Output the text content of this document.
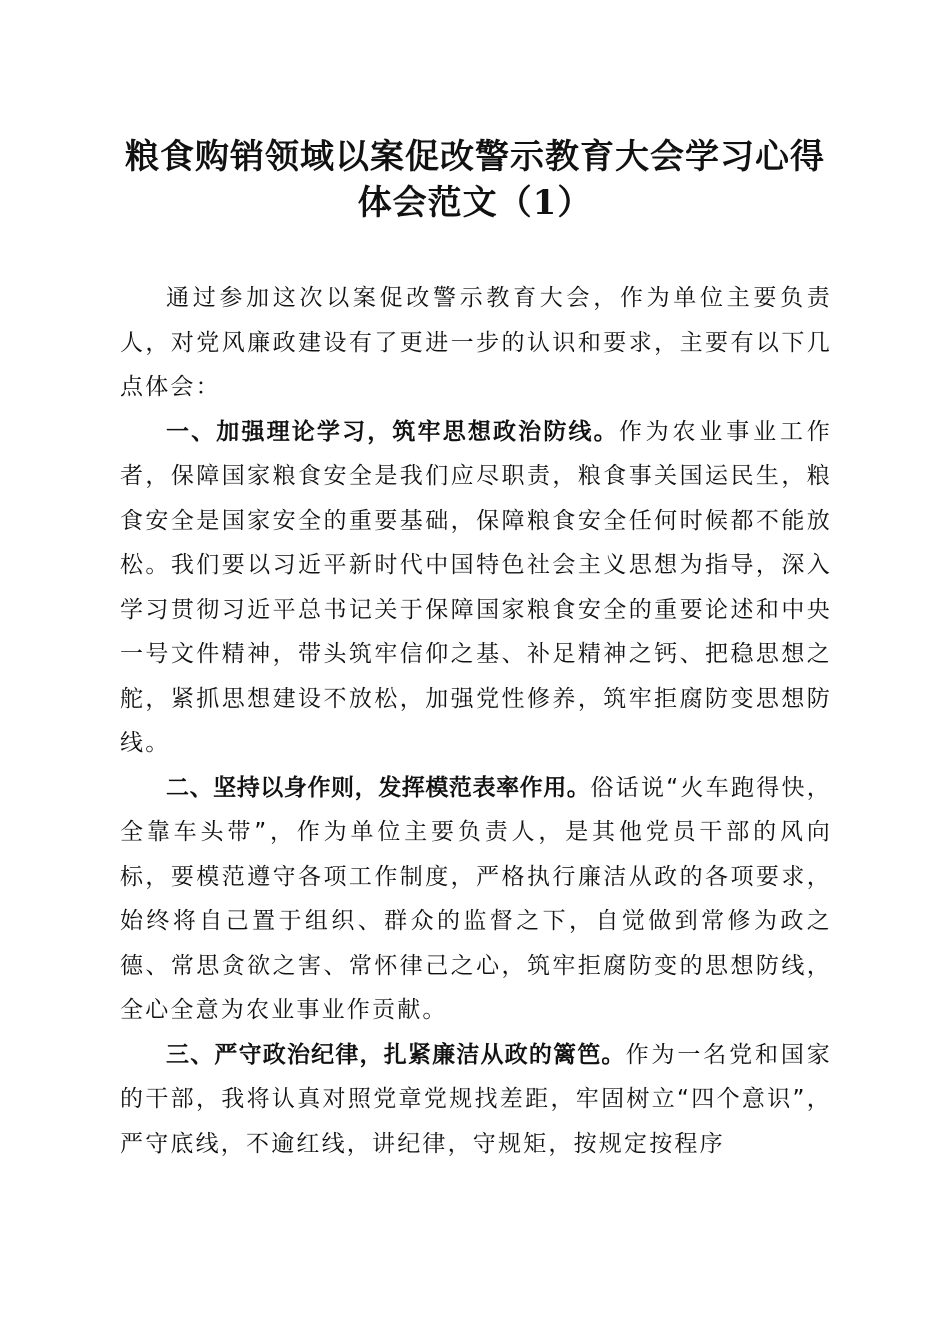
粮食购销领域以案促改警示教育大会学习心得
体会范文（1）

通过参加这次以案促改警示教育大会，作为单位主要负责人，对党风廉政建设有了更进一步的认识和要求，主要有以下几点体会：

一、加强理论学习，筑牢思想政治防线。作为农业事业工作者，保障国家粮食安全是我们应尽职责，粮食事关国运民生，粮食安全是国家安全的重要基础，保障粮食安全任何时候都不能放松。我们要以习近平新时代中国特色社会主义思想为指导，深入学习贯彻习近平总书记关于保障国家粮食安全的重要论述和中央一号文件精神，带头筑牢信仰之基、补足精神之钙、把稳思想之舵，紧抓思想建设不放松，加强党性修养，筑牢拒腐防变思想防线。

二、坚持以身作则，发挥模范表率作用。俗话说“火车跑得快，全靠车头带”，作为单位主要负责人，是其他党员干部的风向标，要模范遵守各项工作制度，严格执行廉洁从政的各项要求，始终将自己置于组织、群众的监督之下，自觉做到常修为政之德、常思贪欲之害、常怀律己之心，筑牢拒腐防变的思想防线，全心全意为农业事业作贡献。

三、严守政治纪律，扎紧廉洁从政的篱笆。作为一名党和国家的干部，我将认真对照党章党规找差距，牢固树立“四个意识”，严守底线，不逾红线，讲纪律，守规矩，按规定按程序
